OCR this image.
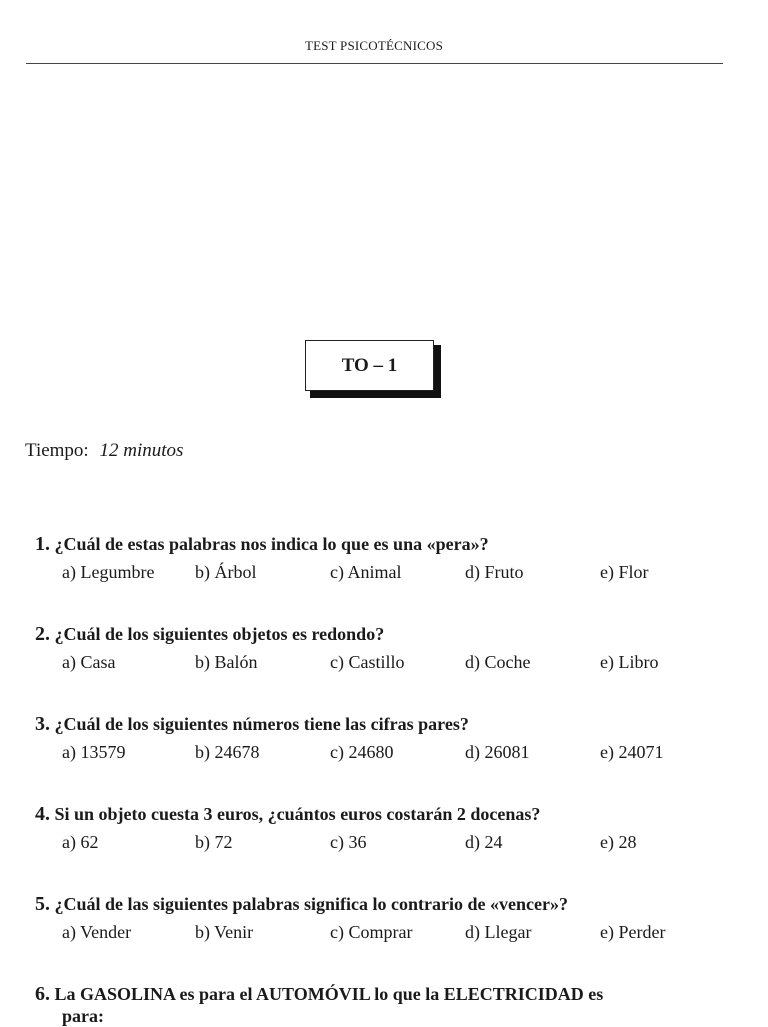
TEST PSICOTÉCNICOS
TO – 1
Tiempo: 12 minutos
1. ¿Cuál de estas palabras nos indica lo que es una «pera»?
a) Legumbre b) Árbol	c) Animal	d) Fruto	e) Flor
2. ¿Cuál de los siguientes objetos es redondo?
a) Casa	b) Balón	c) Castillo	d) Coche	e) Libro
3. ¿Cuál de los siguientes números tiene las cifras pares?
a) 13579	b) 24678	c) 24680	d) 26081	e) 24071
4. Si un objeto cuesta 3 euros, ¿cuántos euros costarán 2 docenas?
a) 62	b) 72	c) 36	d) 24	e) 28
5. ¿Cuál de las siguientes palabras significa lo contrario de «vencer»?
a) Vender	b) Venir	c) Comprar	d) Llegar	e) Perder
6. La GASOLINA es para el AUTOMÓVIL lo que la ELECTRICIDAD es
para:
